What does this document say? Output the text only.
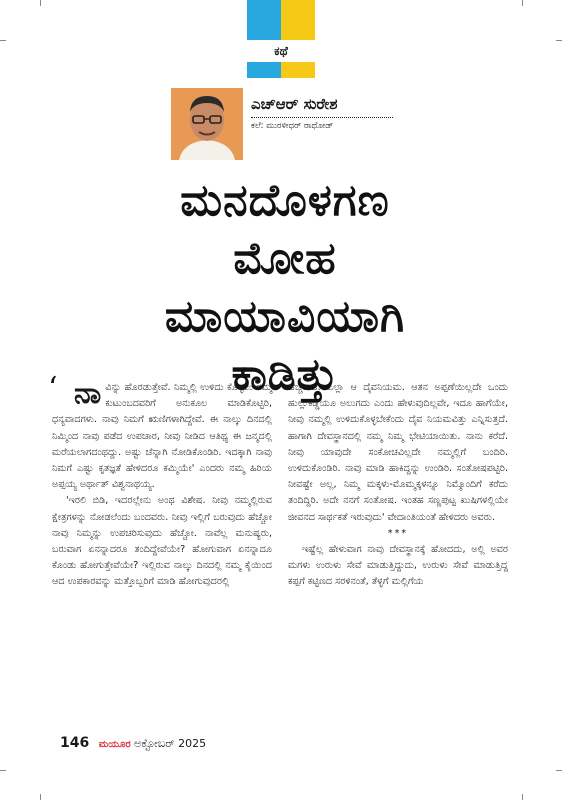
ಕಥೆ
ಎಚ್‌ಆರ್‌ ಸುರೇಶ
ಕಲೆ: ಮುರಳೀಧರ್‌ ರಾಥೋಡ್
ಮನದೊಳಗಣ
ಮೋಹ
ಮಾಯಾವಿಯಾಗಿ
ಕಾಡಿತ್ತು
‘ ನಾ ವಿನ್ನು ಹೊರಡುತ್ತೇವೆ. ನಿಮ್ಮಲ್ಲಿ ಉಳಿದು ಕೊಳ್ಳಲು ನಮ್ಮ ಕುಟುಂಬದವರಿಗೆ ಅನುಕೂಲ ಮಾಡಿಕೊಟ್ಟಿರಿ, ಧನ್ಯವಾದಗಳು. ನಾವು ನಿಮಗೆ ಋಣಿಗಳಾಗಿದ್ದೇವೆ. ಈ ನಾಲ್ಕು ದಿನದಲ್ಲಿ ನಿಮ್ಮಿಂದ ನಾವು ಪಡೆದ ಉಪಚಾರ, ನೀವು ನೀಡಿದ ಆತಿಥ್ಯ ಈ ಜನ್ಮದಲ್ಲಿ ಮರೆಯಲಾಗದಂಥದ್ದು. ಅಷ್ಟು ಚೆನ್ನಾಗಿ ನೋಡಿಕೊಂಡಿರಿ. ಇದಕ್ಕಾಗಿ ನಾವು ನಿಮಗೆ ಎಷ್ಟು ಕೃತಜ್ಞತೆ ಹೇಳಿದರೂ ಕಮ್ಮಿಯೇ' ಎಂದರು ನಮ್ಮ ಹಿರಿಯ ಅಪ್ಪಯ್ಯ ಅರ್ಥಾತ್ ವಿಶ್ವನಾಥಯ್ಯ.

'ಇರಲಿ ಬಿಡಿ, ಇದರಲ್ಲೇನು ಅಂಥ ವಿಶೇಷ. ನೀವು ನಮ್ಮಲ್ಲಿರುವ ಕ್ಷೇತ್ರಗಳನ್ನು ನೋಡಲೆಂದು ಬಂದವರು. ನೀವು ಇಲ್ಲಿಗೆ ಬರುವುದು ಹೆಚ್ಚೋ ನಾವು ನಿಮ್ಮನ್ನು ಉಪಚರಿಸುವುದು ಹೆಚ್ಚೋ. ನಾವೆಲ್ಲ ಮನುಷ್ಯರು, ಬರುವಾಗ ಏನನ್ನಾದರೂ ತಂದಿದ್ದೇವೆಯೇ? ಹೋಗುವಾಗ ಏನನ್ನಾದೂ ಕೊಂಡು ಹೋಗುತ್ತೇವೆಯೇ? ಇಲ್ಲಿರುವ ನಾಲ್ಕು ದಿನದಲ್ಲಿ ನಮ್ಮ ಕೈಯಿಂದ ಆದ ಉಪಕಾರವನ್ನು ಮತ್ತೊಬ್ಬರಿಗೆ ಮಾಡಿ ಹೋಗುವುದರಲ್ಲಿ

ಹೆಚ್ಚೇನಿದೆ. ಎಲ್ಲಾ ಆ ದೈವನಿಯಮ. ಆತನ ಅಪ್ಪಣೆಯಿಲ್ಲದೇ ಒಂದು ಹುಲ್ಲುಕಡ್ಡಿಯೂ ಅಲುಗದು ಎಂದು ಹೇಳುವುದಿಲ್ಲವೇ, ಇದೂ ಹಾಗೆಯೇ, ನೀವು ನಮ್ಮಲ್ಲಿ ಉಳಿದುಕೊಳ್ಳಬೇಕೆಂದು ದೈವ ನಿಯಮವಿತ್ತು ಎನ್ನಿಸುತ್ತದೆ. ಹಾಗಾಗಿ ದೇವಸ್ಥಾನದಲ್ಲಿ ನಮ್ಮ ನಿಮ್ಮ ಭೇಟಿಯಾಯಿತು. ನಾನು ಕರೆದೆ. ನೀವು ಯಾವುದೇ ಸಂಕೋಚವಿಲ್ಲದೇ ನಮ್ಮಲ್ಲಿಗೆ ಬಂದಿರಿ. ಉಳಿದುಕೊಂಡಿರಿ. ನಾವು ಮಾಡಿ ಹಾಕಿದ್ದನ್ನು ಉಂಡಿರಿ. ಸಂತೋಷಪಟ್ಟಿರಿ. ನೀವಷ್ಟೇ ಅಲ್ಲ, ನಿಮ್ಮ ಮಕ್ಕಳು-ಮೊಮ್ಮಕ್ಕಳನ್ನೂ ನಿಮ್ಮೊಂದಿಗೆ ಕರೆದು ತಂದಿದ್ದಿರಿ. ಅದೇ ನನಗೆ ಸಂತೋಷ. ಇಂತಹ ಸಣ್ಣಪುಟ್ಟ ಖುಷಿಗಳಲ್ಲಿಯೇ ಜೀವನದ ಸಾರ್ಥಕತೆ ಇರುವುದು' ವೇದಾಂತಿಯಂತೆ ಹೇಳಿದರು ಅವರು.

***

ಇಷ್ಟೆಲ್ಲ ಹೇಳುವಾಗ ನಾವು ದೇವಸ್ಥಾನಕ್ಕೆ ಹೋದದು, ಅಲ್ಲಿ ಅವರ ಮಗಳು ಉರುಳು ಸೇವೆ ಮಾಡುತ್ತಿದ್ದುದು, ಉರುಳು ಸೇವೆ ಮಾಡುತ್ತಿದ್ದ ಕಪ್ಪಗೆ ಕಟ್ಟಿಣದ ಸರಳಿನಂತೆ, ತೆಳ್ಳಗೆ ಮಲ್ಲಿಗೆಯ

146 ಮಯೂರ ಅಕ್ಟೋಬರ್ 2025
